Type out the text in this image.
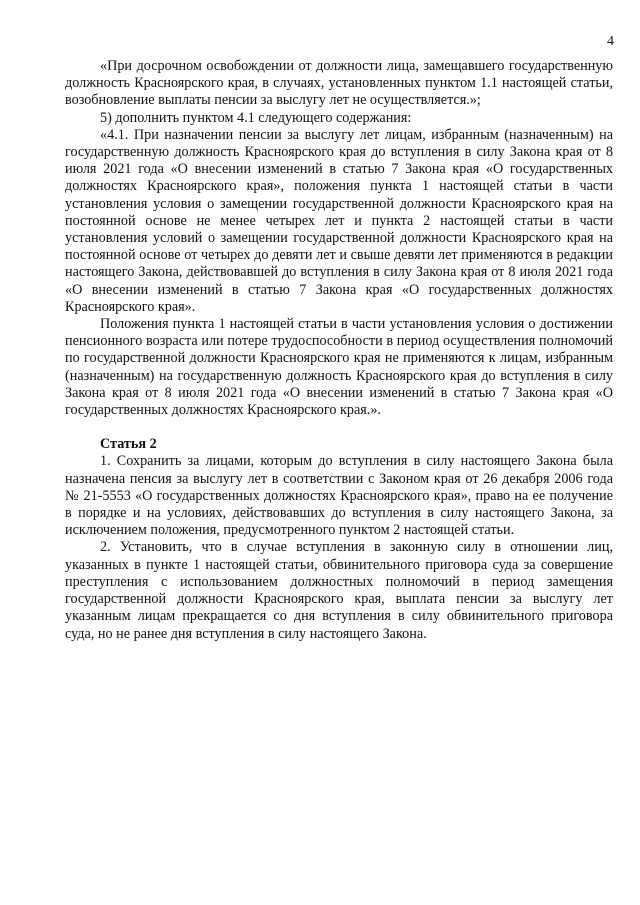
4

«При досрочном освобождении от должности лица, замещавшего государственную должность Красноярского края, в случаях, установленных пунктом 1.1 настоящей статьи, возобновление выплаты пенсии за выслугу лет не осуществляется.»;

5) дополнить пунктом 4.1 следующего содержания:

«4.1. При назначении пенсии за выслугу лет лицам, избранным (назначенным) на государственную должность Красноярского края до вступления в силу Закона края от 8 июля 2021 года «О внесении изменений в статью 7 Закона края «О государственных должностях Красноярского края», положения пункта 1 настоящей статьи в части установления условия о замещении государственной должности Красноярского края на постоянной основе не менее четырех лет и пункта 2 настоящей статьи в части установления условий о замещении государственной должности Красноярского края на постоянной основе от четырех до девяти лет и свыше девяти лет применяются в редакции настоящего Закона, действовавшей до вступления в силу Закона края от 8 июля 2021 года «О внесении изменений в статью 7 Закона края «О государственных должностях Красноярского края».

Положения пункта 1 настоящей статьи в части установления условия о достижении пенсионного возраста или потере трудоспособности в период осуществления полномочий по государственной должности Красноярского края не применяются к лицам, избранным (назначенным) на государственную должность Красноярского края до вступления в силу Закона края от 8 июля 2021 года «О внесении изменений в статью 7 Закона края «О государственных должностях Красноярского края.».

Статья 2

1. Сохранить за лицами, которым до вступления в силу настоящего Закона была назначена пенсия за выслугу лет в соответствии с Законом края от 26 декабря 2006 года № 21-5553 «О государственных должностях Красноярского края», право на ее получение в порядке и на условиях, действовавших до вступления в силу настоящего Закона, за исключением положения, предусмотренного пунктом 2 настоящей статьи.

2. Установить, что в случае вступления в законную силу в отношении лиц, указанных в пункте 1 настоящей статьи, обвинительного приговора суда за совершение преступления с использованием должностных полномочий в период замещения государственной должности Красноярского края, выплата пенсии за выслугу лет указанным лицам прекращается со дня вступления в силу обвинительного приговора суда, но не ранее дня вступления в силу настоящего Закона.
